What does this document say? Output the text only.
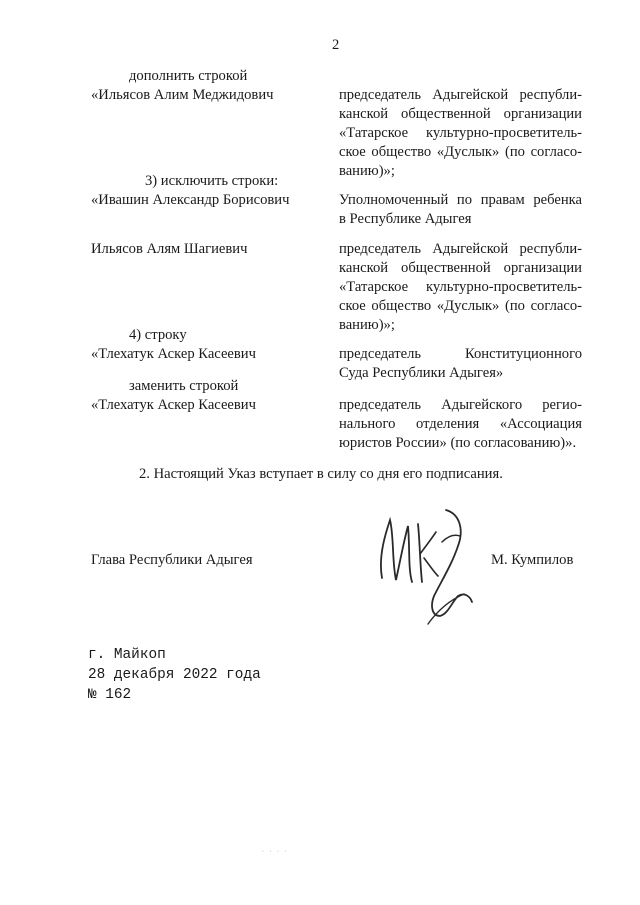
2
дополнить строкой
«Ильясов Алим Меджидович	председатель Адыгейской республи-
канской общественной организации
«Татарское культурно-просветитель-
ское общество «Дуслык» (по согласо-
ванию)»;
3) исключить строки:
«Ивашин Александр Борисович	Уполномоченный по правам ребенка
в Республике Адыгея
Ильясов Алям Шагиевич	председатель Адыгейской республи-
канской общественной организации
«Татарское культурно-просветитель-
ское общество «Дуслык» (по согласо-
ванию)»;
4) строку
«Тлехатук Аскер Касеевич	председатель Конституционного
Суда Республики Адыгея»
заменить строкой
«Тлехатук Аскер Касеевич	председатель Адыгейского регио-
нального отделения «Ассоциация
юристов России» (по согласованию)».
2. Настоящий Указ вступает в силу со дня его подписания.
Глава Республики Адыгея	М. Кумпилов
г. Майкоп
28 декабря 2022 года
№ 162
· · · ·
